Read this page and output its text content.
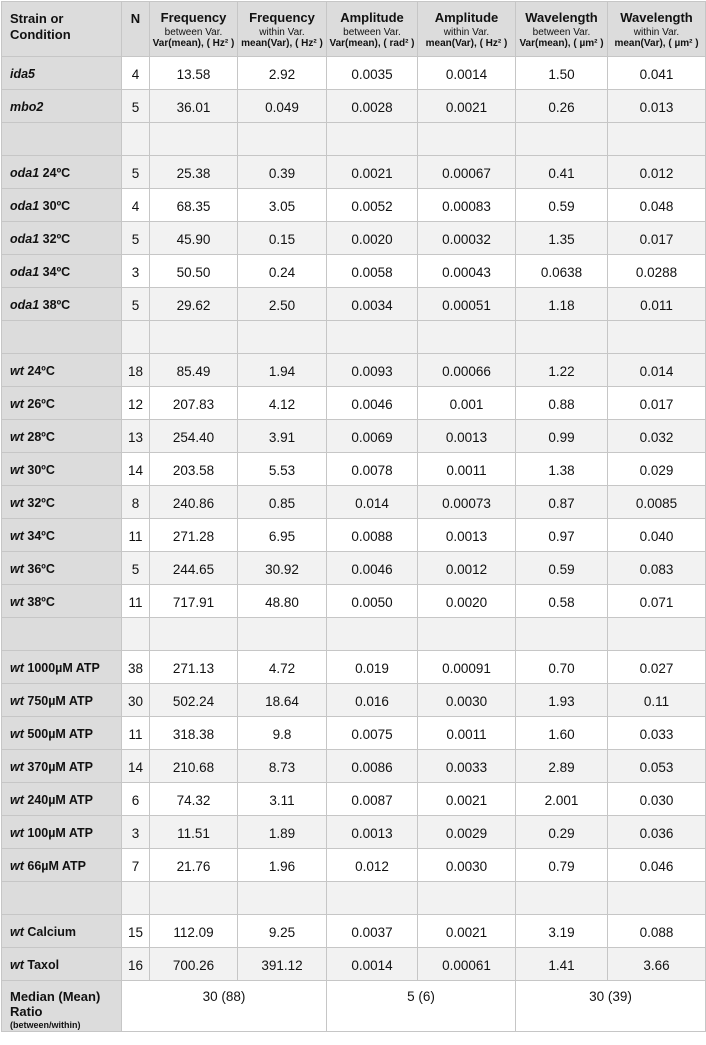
Strain or Condition	N	Frequency
between Var.
Var(mean), ( Hz² )	Frequency
within Var.
mean(Var), ( Hz² )	Amplitude
between Var.
Var(mean), ( rad² )	Amplitude
within Var.
mean(Var), ( Hz² )	Wavelength
between Var.
Var(mean), ( µm² )	Wavelength
within Var.
mean(Var), ( µm² )

ida5	4	13.58	2.92	0.0035	0.0014	1.50	0.041
mbo2	5	36.01	0.049	0.0028	0.0021	0.26	0.013

oda1 24ºC	5	25.38	0.39	0.0021	0.00067	0.41	0.012
oda1 30ºC	4	68.35	3.05	0.0052	0.00083	0.59	0.048
oda1 32ºC	5	45.90	0.15	0.0020	0.00032	1.35	0.017
oda1 34ºC	3	50.50	0.24	0.0058	0.00043	0.0638	0.0288
oda1 38ºC	5	29.62	2.50	0.0034	0.00051	1.18	0.011

wt 24ºC	18	85.49	1.94	0.0093	0.00066	1.22	0.014
wt 26ºC	12	207.83	4.12	0.0046	0.001	0.88	0.017
wt 28ºC	13	254.40	3.91	0.0069	0.0013	0.99	0.032
wt 30ºC	14	203.58	5.53	0.0078	0.0011	1.38	0.029
wt 32ºC	8	240.86	0.85	0.014	0.00073	0.87	0.0085
wt 34ºC	11	271.28	6.95	0.0088	0.0013	0.97	0.040
wt 36ºC	5	244.65	30.92	0.0046	0.0012	0.59	0.083
wt 38ºC	11	717.91	48.80	0.0050	0.0020	0.58	0.071

wt 1000µM ATP	38	271.13	4.72	0.019	0.00091	0.70	0.027
wt 750µM ATP	30	502.24	18.64	0.016	0.0030	1.93	0.11
wt 500µM ATP	11	318.38	9.8	0.0075	0.0011	1.60	0.033
wt 370µM ATP	14	210.68	8.73	0.0086	0.0033	2.89	0.053
wt 240µM ATP	6	74.32	3.11	0.0087	0.0021	2.001	0.030
wt 100µM ATP	3	11.51	1.89	0.0013	0.0029	0.29	0.036
wt 66µM ATP	7	21.76	1.96	0.012	0.0030	0.79	0.046

wt Calcium	15	112.09	9.25	0.0037	0.0021	3.19	0.088
wt Taxol	16	700.26	391.12	0.0014	0.00061	1.41	3.66
Median (Mean)
Ratio
(between/within)	30 (88)			5 (6)		30 (39)	
